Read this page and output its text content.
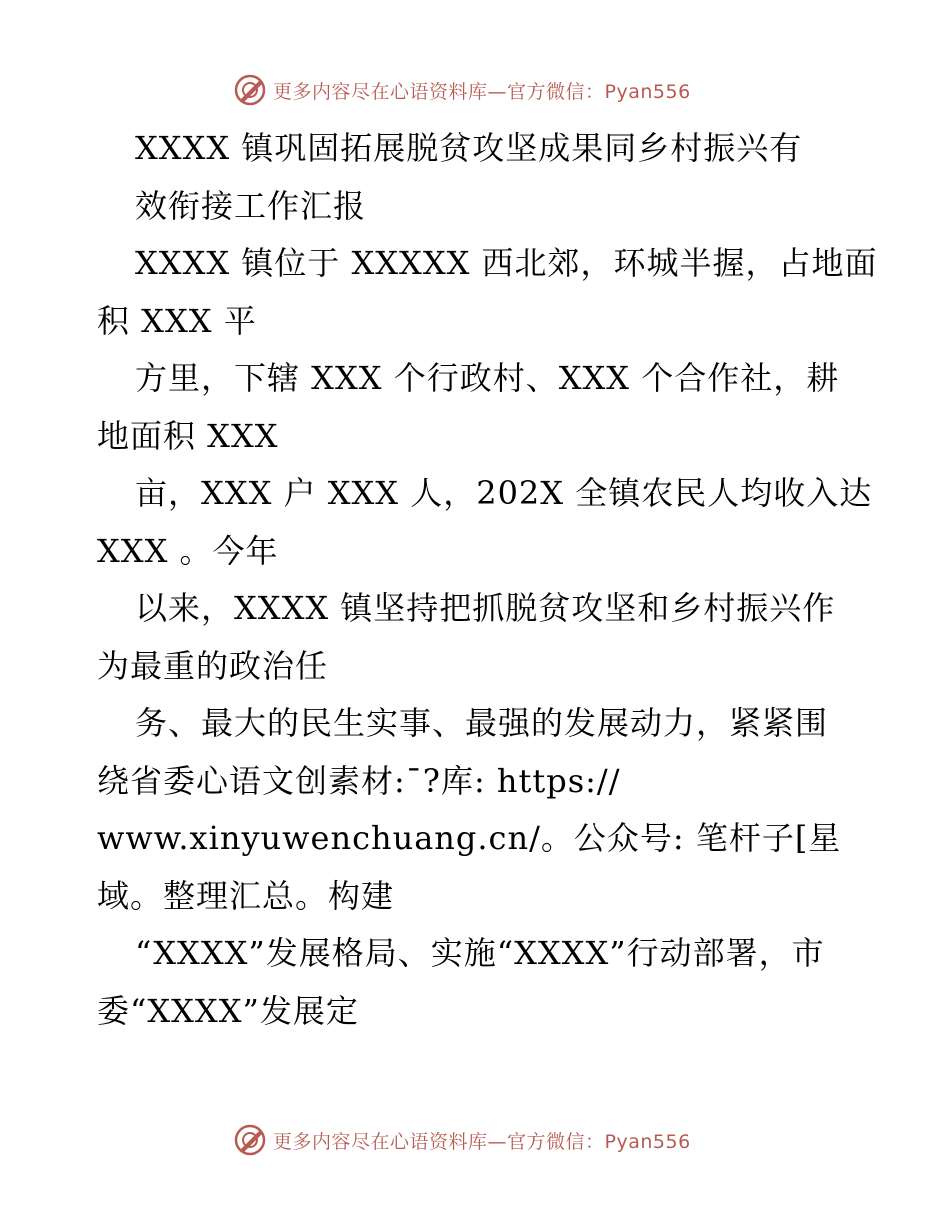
更多内容尽在心语资料库—官方微信：Pyan556
XXXX 镇巩固拓展脱贫攻坚成果同乡村振兴有
效衔接工作汇报
XXXX 镇位于 XXXXX 西北郊，环城半握，占地面
积 XXX 平
方里，下辖 XXX 个行政村、XXX 个合作社，耕
地面积 XXX
亩，XXX 户 XXX 人，202X 全镇农民人均收入达
XXX 。今年
以来，XXXX 镇坚持把抓脱贫攻坚和乡村振兴作
为最重的政治任
务、最大的民生实事、最强的发展动力，紧紧围
绕省委心语文创素材:¯?库: https://
www.xinyuwenchuang.cn/。公众号: 笔杆子[星
域。整理汇总。构建
“XXXX”发展格局、实施“XXXX”行动部署，市
委“XXXX”发展定
更多内容尽在心语资料库—官方微信：Pyan556
